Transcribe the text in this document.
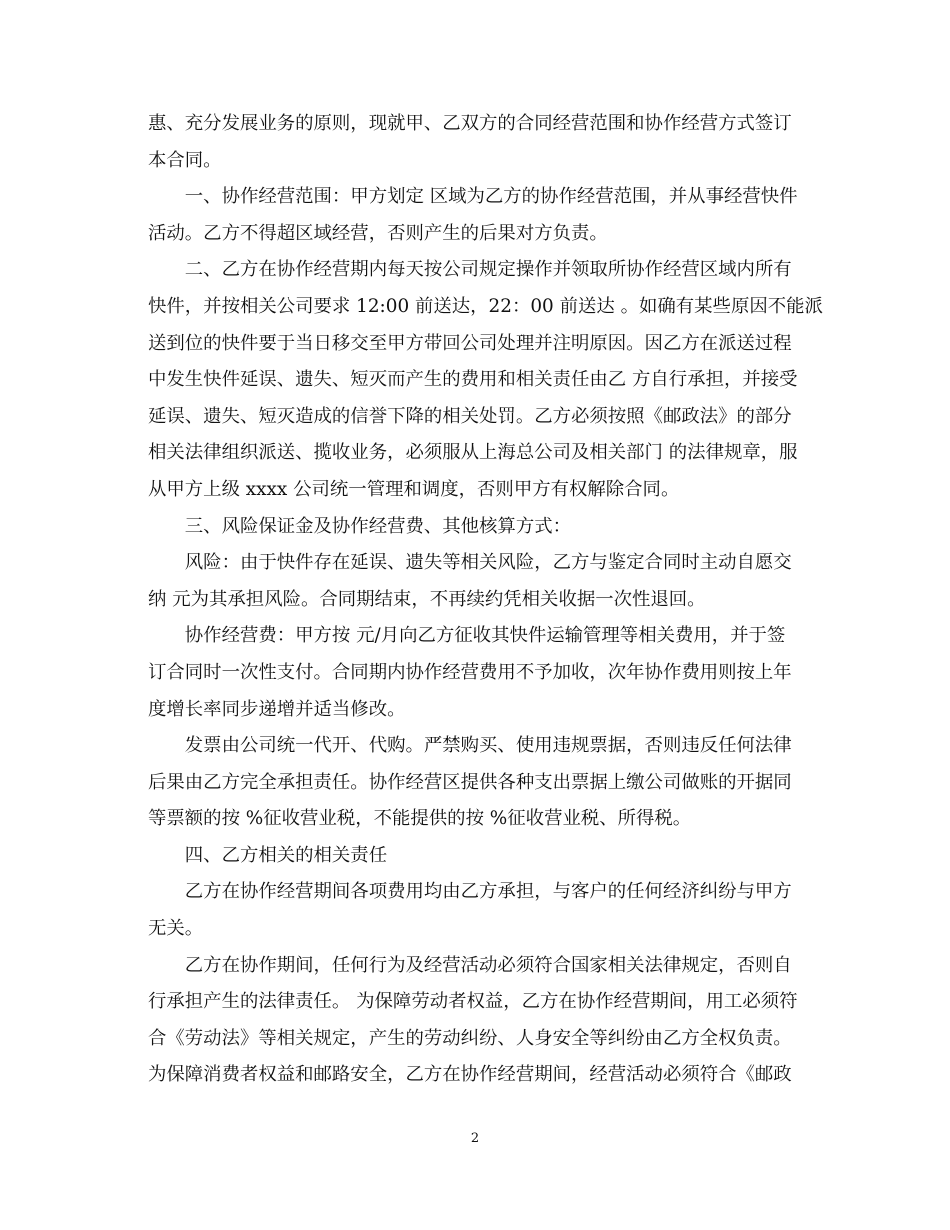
惠、充分发展业务的原则，现就甲、乙双方的合同经营范围和协作经营方式签订
本合同。
　　一、协作经营范围：甲方划定 区域为乙方的协作经营范围，并从事经营快件
活动。乙方不得超区域经营，否则产生的后果对方负责。
　　二、乙方在协作经营期内每天按公司规定操作并领取所协作经营区域内所有
快件，并按相关公司要求 12:00 前送达，22：00 前送达 。如确有某些原因不能派
送到位的快件要于当日移交至甲方带回公司处理并注明原因。因乙方在派送过程
中发生快件延误、遗失、短灭而产生的费用和相关责任由乙 方自行承担，并接受
延误、遗失、短灭造成的信誉下降的相关处罚。乙方必须按照《邮政法》的部分
相关法律组织派送、揽收业务，必须服从上海总公司及相关部门 的法律规章，服
从甲方上级 xxxx 公司统一管理和调度，否则甲方有权解除合同。
　　三、风险保证金及协作经营费、其他核算方式：
　　风险：由于快件存在延误、遗失等相关风险，乙方与鉴定合同时主动自愿交
纳 元为其承担风险。合同期结束，不再续约凭相关收据一次性退回。
　　协作经营费：甲方按 元/月向乙方征收其快件运输管理等相关费用，并于签
订合同时一次性支付。合同期内协作经营费用不予加收，次年协作费用则按上年
度增长率同步递增并适当修改。
　　发票由公司统一代开、代购。严禁购买、使用违规票据，否则违反任何法律
后果由乙方完全承担责任。协作经营区提供各种支出票据上缴公司做账的开据同
等票额的按 %征收营业税，不能提供的按 %征收营业税、所得税。
　　四、乙方相关的相关责任
　　乙方在协作经营期间各项费用均由乙方承担，与客户的任何经济纠纷与甲方
无关。
　　乙方在协作期间，任何行为及经营活动必须符合国家相关法律规定，否则自
行承担产生的法律责任。 为保障劳动者权益，乙方在协作经营期间，用工必须符
合《劳动法》等相关规定，产生的劳动纠纷、人身安全等纠纷由乙方全权负责。
为保障消费者权益和邮路安全，乙方在协作经营期间，经营活动必须符合《邮政
2
